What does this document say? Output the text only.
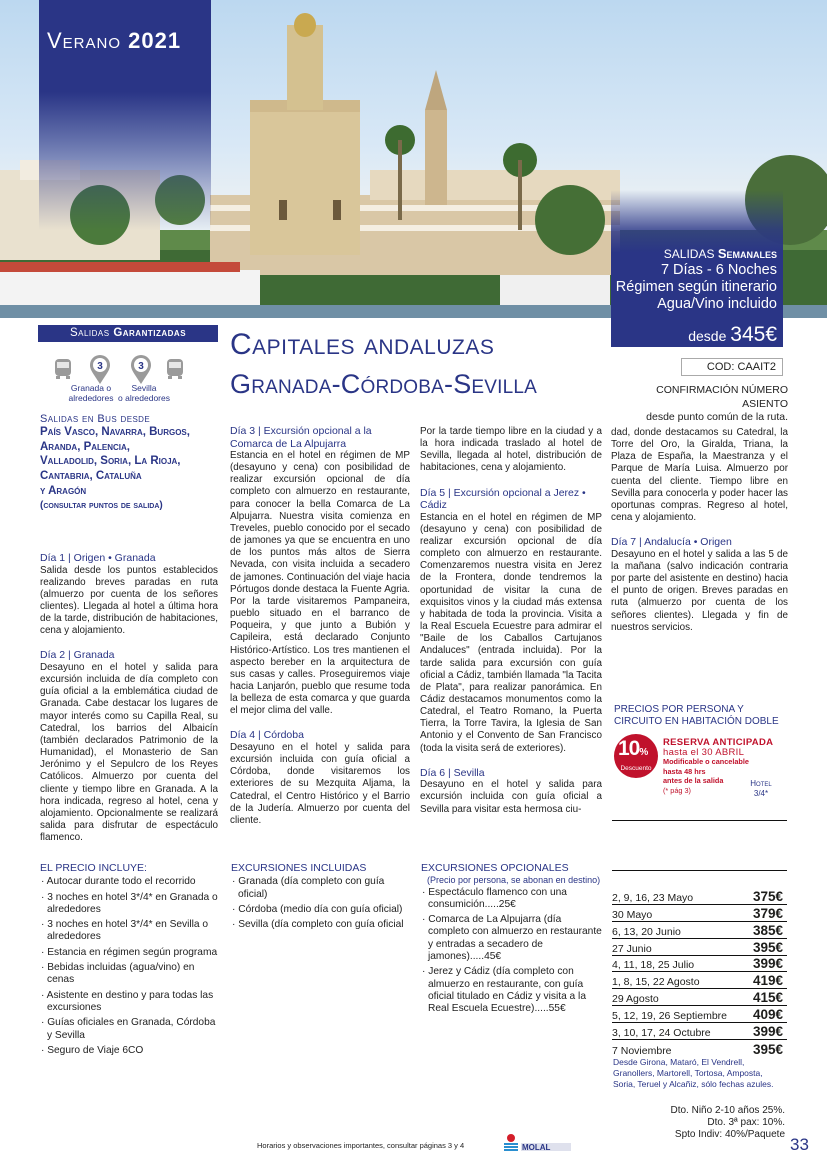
Verano 2021
SALIDAS Semanales
7 Días - 6 Noches
Régimen según itinerario
Agua/Vino incluido
desde 345€
COD: CAAIT2
CONFIRMACIÓN NÚMERO ASIENTO
desde punto común de la ruta.
Salidas Garantizadas
3	3
Granada o
alrededores
Sevilla
o alrededores
Salidas en Bus desde
País Vasco, Navarra, Burgos,
Aranda, Palencia,
Valladolid, Soria, La Rioja,
Cantabria, Cataluña
y Aragón
(consultar puntos de salida)
Capitales andaluzas
Granada-Córdoba-Sevilla
Día 1 | Origen • Granada

Salida desde los puntos establecidos realizando breves paradas en ruta (almuerzo por cuenta de los señores clientes). Llegada al hotel a última hora de la tarde, distribución de habitaciones, cena y alojamiento.

Día 2 | Granada

Desayuno en el hotel y salida para excursión incluida de día completo con guía oficial a la emblemática ciudad de Granada. Cabe destacar los lugares de mayor interés como su Capilla Real, su Catedral, los barrios del Albaicín (también declarados Patrimonio de la Humanidad), el Monasterio de San Jerónimo y el Sepulcro de los Reyes Católicos. Almuerzo por cuenta del cliente y tiempo libre en Granada. A la hora indicada, regreso al hotel, cena y alojamiento. Opcionalmente se realizará salida para disfrutar de espectáculo flamenco.

Día 3 | Excursión opcional a la Comarca de La Alpujarra

Estancia en el hotel en régimen de MP (desayuno y cena) con posibilidad de realizar excursión opcional de día completo con almuerzo en restaurante, para conocer la bella Comarca de La Alpujarra. Nuestra visita comienza en Treveles, pueblo conocido por el secado de jamones ya que se encuentra en uno de los puntos más altos de Sierra Nevada, con visita incluida a secadero de jamones. Continuación del viaje hacia Pórtugos donde destaca la Fuente Agria. Por la tarde visitaremos Pampaneira, pueblo situado en el barranco de Poqueira, y que junto a Bubión y Capileira, está declarado Conjunto Histórico-Artístico. Los tres mantienen el aspecto bereber en la arquitectura de sus casas y calles. Proseguiremos viaje hacia Lanjarón, pueblo que resume toda la belleza de esta comarca y que guarda el mejor clima del valle.

Día 4 | Córdoba

Desayuno en el hotel y salida para excursión incluida con guía oficial a Córdoba, donde visitaremos los exteriores de su Mezquita Aljama, la Catedral, el Centro Histórico y el Barrio de la Judería. Almuerzo por cuenta del cliente.

Por la tarde tiempo libre en la ciudad y a la hora indicada traslado al hotel de Sevilla, llegada al hotel, distribución de habitaciones, cena y alojamiento.

Día 5 | Excursión opcional a Jerez • Cádiz

Estancia en el hotel en régimen de MP (desayuno y cena) con posibilidad de realizar excursión opcional de día completo con almuerzo en restaurante. Comenzaremos nuestra visita en Jerez de la Frontera, donde tendremos la oportunidad de visitar la cuna de exquisitos vinos y la ciudad más extensa y habitada de toda la provincia. Visita a la Real Escuela Ecuestre para admirar el "Baile de los Caballos Cartujanos Andaluces" (entrada incluida). Por la tarde salida para excursión con guía oficial a Cádiz, también llamada "la Tacita de Plata", para realizar panorámica. En Cádiz destacamos monumentos como la Catedral, el Teatro Romano, la Puerta Tierra, la Torre Tavira, la Iglesia de San Antonio y el Convento de San Francisco (toda la visita será de exteriores).

Día 6 | Sevilla

Desayuno en el hotel y salida para excursión incluida con guía oficial a Sevilla para visitar esta hermosa ciu-

dad, donde destacamos su Catedral, la Torre del Oro, la Giralda, Triana, la Plaza de España, la Maestranza y el Parque de María Luisa. Almuerzo por cuenta del cliente. Tiempo libre en Sevilla para conocerla y poder hacer las oportunas compras. Regreso al hotel, cena y alojamiento.

Día 7 | Andalucía • Origen

Desayuno en el hotel y salida a las 5 de la mañana (salvo indicación contraria por parte del asistente en destino) hacia el punto de origen. Breves paradas en ruta (almuerzo por cuenta de los señores clientes). Llegada y fin de nuestros servicios.

PRECIOS POR PERSONA Y CIRCUITO EN HABITACIÓN DOBLE
10%
Descuento
RESERVA ANTICIPADA
hasta el 30 ABRIL
Modificable o cancelable
hasta 48 hrs
antes de la salida
(* pág 3)
Hotel
3/4*
2, 9, 16, 23 Mayo	375€
30 Mayo	379€
6, 13, 20 Junio	385€
27 Junio	395€
4, 11, 18, 25 Julio	399€
1, 8, 15, 22 Agosto	419€
29 Agosto	415€
5, 12, 19, 26 Septiembre 409€
3, 10, 17, 24 Octubre	399€
7 Noviembre	395€
Desde Girona, Mataró, El Vendrell, Granollers, Martorell, Tortosa, Amposta, Soria, Teruel y Alcañiz, sólo fechas azules.
Dto. Niño 2-10 años 25%.
Dto. 3ª pax: 10%.
Spto Indiv: 40%/Paquete
33
EL PRECIO INCLUYE:
· Autocar durante todo el recorrido
· 3 noches en hotel 3*/4* en Granada o alrededores
· 3 noches en hotel 3*/4* en Sevilla o alrededores
· Estancia en régimen según programa
· Bebidas incluidas (agua/vino) en cenas
· Asistente en destino y para todas las excursiones
· Guías oficiales en Granada, Córdoba y Sevilla
· Seguro de Viaje 6CO
EXCURSIONES INCLUIDAS
· Granada (día completo con guía oficial)
· Córdoba (medio día con guía oficial)
· Sevilla (día completo con guía oficial
EXCURSIONES OPCIONALES
(Precio por persona, se abonan en destino)
· Espectáculo flamenco con una consumición.....25€
· Comarca de La Alpujarra (día completo con almuerzo en restaurante y entradas a secadero de jamones).....45€
· Jerez y Cádiz (día completo con almuerzo en restaurante, con guía oficial titulado en Cádiz y visita a la Real Escuela Ecuestre).....55€
Horarios y observaciones importantes, consultar páginas 3 y 4	MOLAL
